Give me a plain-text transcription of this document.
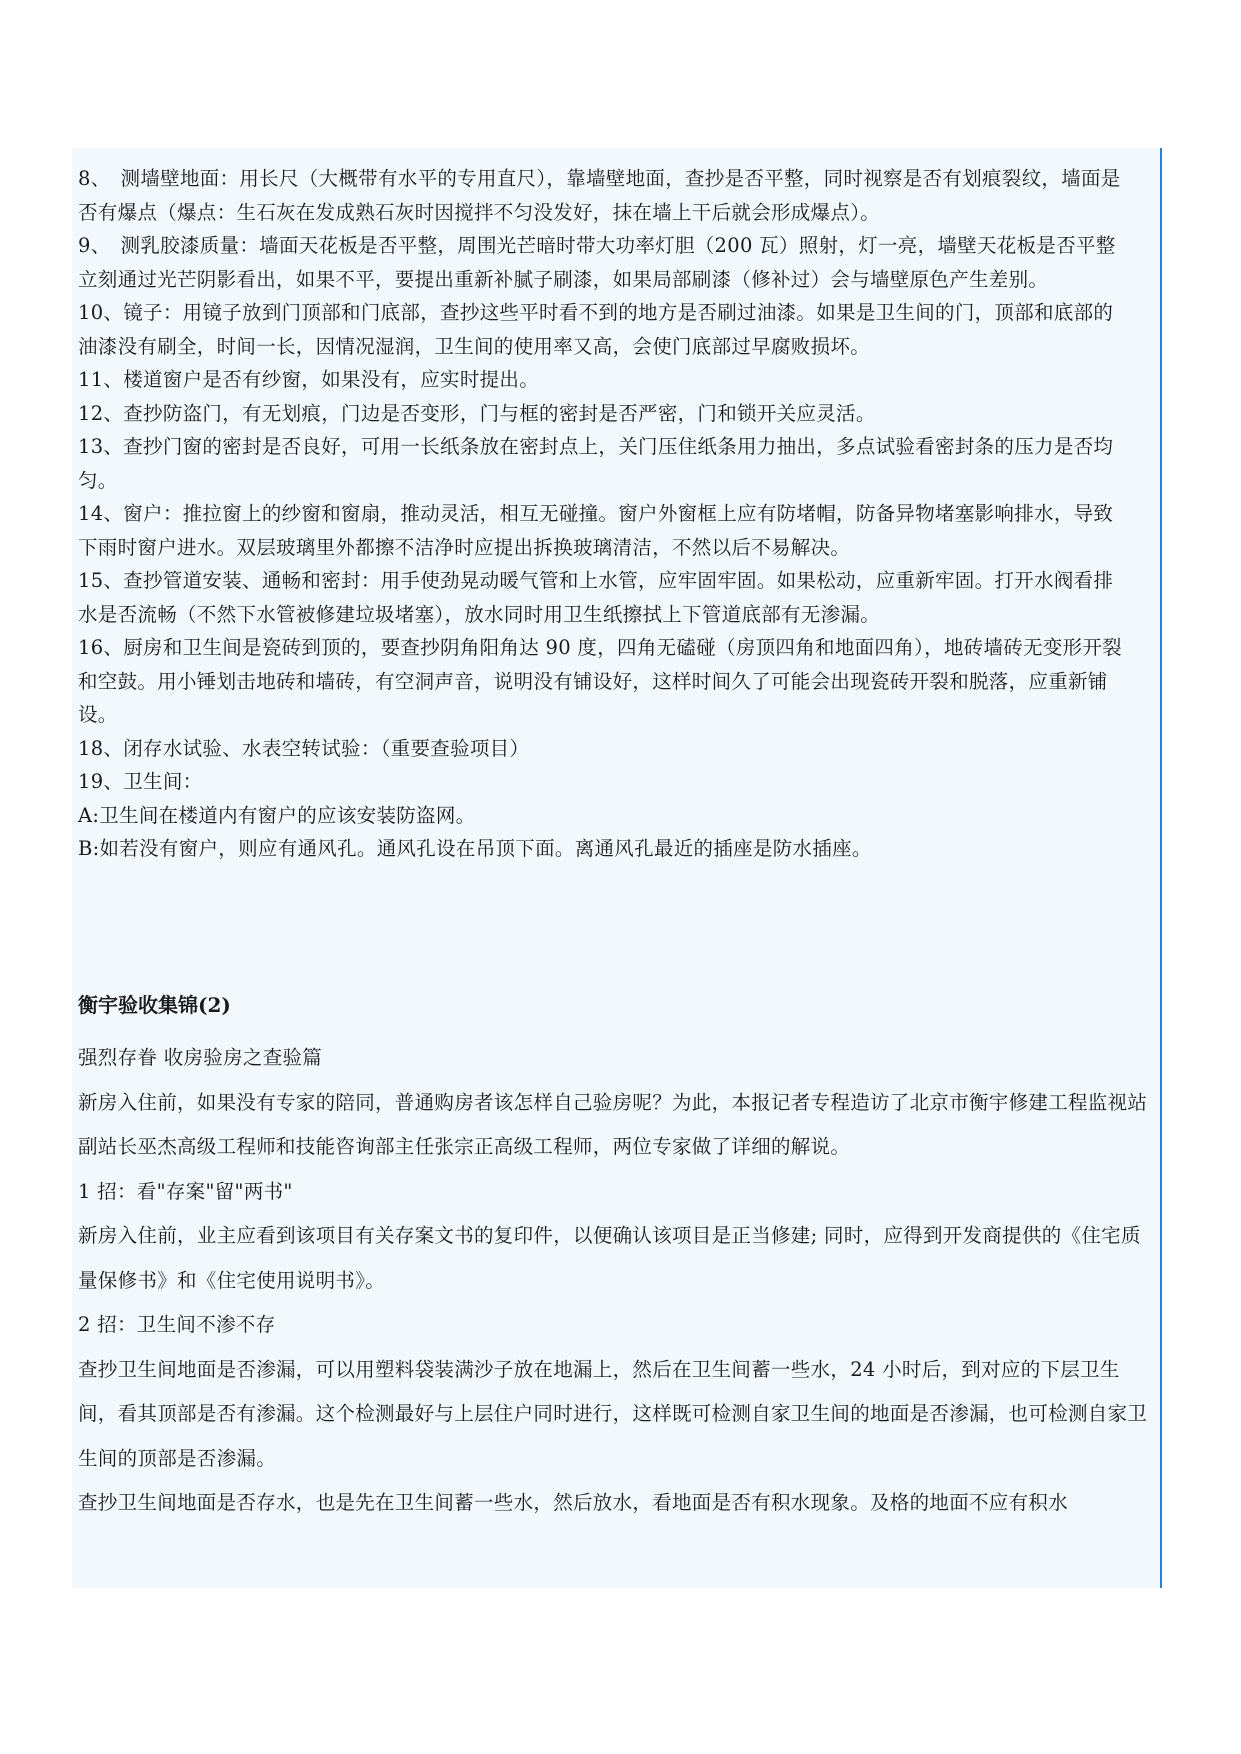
8、　测墙壁地面：用长尺（大概带有水平的专用直尺），靠墙壁地面，查抄是否平整，同时视察是否有划痕裂纹，墙面是否有爆点（爆点：生石灰在发成熟石灰时因搅拌不匀没发好，抹在墙上干后就会形成爆点）。

9、　测乳胶漆质量：墙面天花板是否平整，周围光芒暗时带大功率灯胆（200 瓦）照射，灯一亮，墙壁天花板是否平整立刻通过光芒阴影看出，如果不平，要提出重新补腻子刷漆，如果局部刷漆（修补过）会与墙壁原色产生差别。

10、镜子：用镜子放到门顶部和门底部，查抄这些平时看不到的地方是否刷过油漆。如果是卫生间的门，顶部和底部的油漆没有刷全，时间一长，因情况湿润，卫生间的使用率又高，会使门底部过早腐败损坏。

11、楼道窗户是否有纱窗，如果没有，应实时提出。

12、查抄防盗门，有无划痕，门边是否变形，门与框的密封是否严密，门和锁开关应灵活。

13、查抄门窗的密封是否良好，可用一长纸条放在密封点上，关门压住纸条用力抽出，多点试验看密封条的压力是否均匀。

14、窗户：推拉窗上的纱窗和窗扇，推动灵活，相互无碰撞。窗户外窗框上应有防堵帽，防备异物堵塞影响排水，导致下雨时窗户进水。双层玻璃里外都擦不洁净时应提出拆换玻璃清洁，不然以后不易解决。

15、查抄管道安装、通畅和密封：用手使劲晃动暖气管和上水管，应牢固牢固。如果松动，应重新牢固。打开水阀看排水是否流畅（不然下水管被修建垃圾堵塞），放水同时用卫生纸擦拭上下管道底部有无渗漏。

16、厨房和卫生间是瓷砖到顶的，要查抄阴角阳角达 90 度，四角无磕碰（房顶四角和地面四角），地砖墙砖无变形开裂和空鼓。用小锤划击地砖和墙砖，有空洞声音，说明没有铺设好，这样时间久了可能会出现瓷砖开裂和脱落，应重新铺设。

18、闭存水试验、水表空转试验：（重要查验项目）

19、卫生间：

A:卫生间在楼道内有窗户的应该安装防盗网。

B:如若没有窗户，则应有通风孔。通风孔设在吊顶下面。离通风孔最近的插座是防水插座。

衡宇验收集锦(2)

强烈存眷 收房验房之查验篇

新房入住前，如果没有专家的陪同，普通购房者该怎样自己验房呢？为此，本报记者专程造访了北京市衡宇修建工程监视站副站长巫杰高级工程师和技能咨询部主任张宗正高级工程师，两位专家做了详细的解说。

1 招：看"存案"留"两书"

新房入住前，业主应看到该项目有关存案文书的复印件，以便确认该项目是正当修建; 同时，应得到开发商提供的《住宅质量保修书》和《住宅使用说明书》。

2 招：卫生间不渗不存

查抄卫生间地面是否渗漏，可以用塑料袋装满沙子放在地漏上，然后在卫生间蓄一些水，24 小时后，到对应的下层卫生间，看其顶部是否有渗漏。这个检测最好与上层住户同时进行，这样既可检测自家卫生间的地面是否渗漏，也可检测自家卫生间的顶部是否渗漏。

查抄卫生间地面是否存水，也是先在卫生间蓄一些水，然后放水，看地面是否有积水现象。及格的地面不应有积水
